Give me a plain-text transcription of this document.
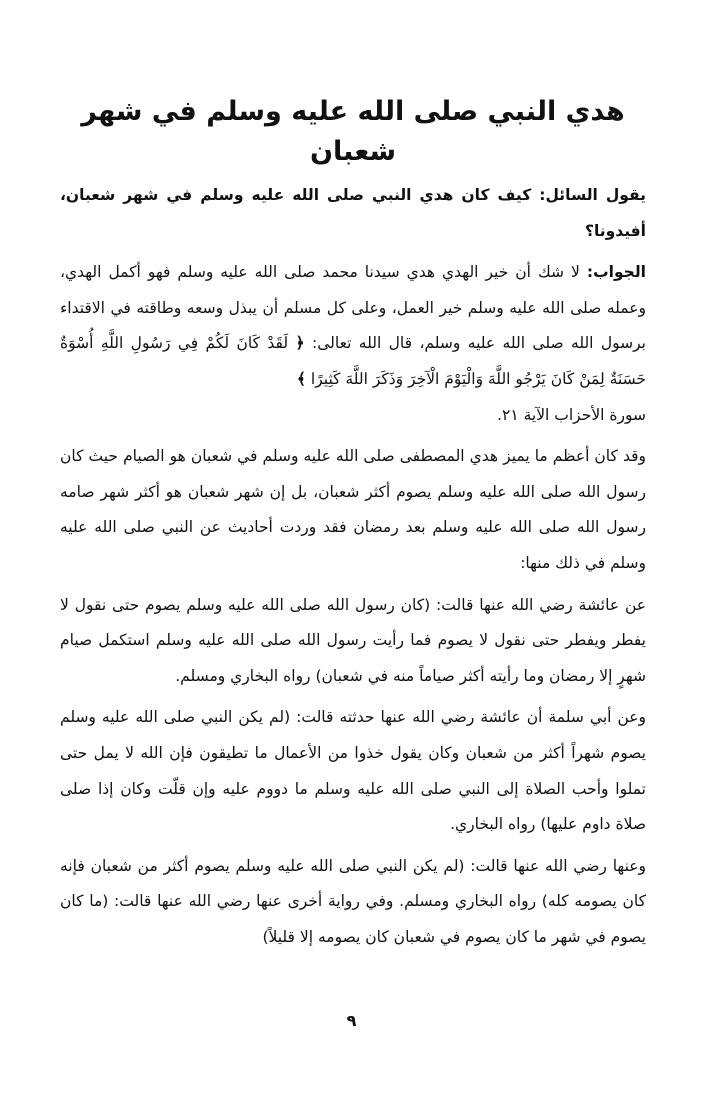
هدي النبي صلى الله عليه وسلم في شهر شعبان

يقول السائل: كيف كان هدي النبي صلى الله عليه وسلم في شهر شعبان، أفيدونا؟

الجواب: لا شك أن خير الهدي هدي سيدنا محمد صلى الله عليه وسلم فهو أكمل الهدي، وعمله صلى الله عليه وسلم خير العمل، وعلى كل مسلم أن يبذل وسعه وطاقته في الاقتداء برسول الله صلى الله عليه وسلم، قال الله تعالى: ﴿ لَقَدْ كَانَ لَكُمْ فِي رَسُولِ اللَّهِ أُسْوَةٌ حَسَنَةٌ لِمَنْ كَانَ يَرْجُو اللَّهَ وَالْيَوْمَ الْآخِرَ وَذَكَرَ اللَّهَ كَثِيرًا ﴾
سورة الأحزاب الآية ٢١.

وقد كان أعظم ما يميز هدي المصطفى صلى الله عليه وسلم في شعبان هو الصيام حيث كان رسول الله صلى الله عليه وسلم يصوم أكثر شعبان، بل إن شهر شعبان هو أكثر شهر صامه رسول الله صلى الله عليه وسلم بعد رمضان فقد وردت أحاديث عن النبي صلى الله عليه وسلم في ذلك منها:

عن عائشة رضي الله عنها قالت: (كان رسول الله صلى الله عليه وسلم يصوم حتى نقول لا يفطر ويفطر حتى نقول لا يصوم فما رأيت رسول الله صلى الله عليه وسلم استكمل صيام شهرٍ إلا رمضان وما رأيته أكثر صياماً منه في شعبان) رواه البخاري ومسلم.

وعن أبي سلمة أن عائشة رضي الله عنها حدثته قالت: (لم يكن النبي صلى الله عليه وسلم يصوم شهراً أكثر من شعبان وكان يقول خذوا من الأعمال ما تطيقون فإن الله لا يمل حتى تملوا وأحب الصلاة إلى النبي صلى الله عليه وسلم ما دووم عليه وإن قلّت وكان إذا صلى صلاة داوم عليها) رواه البخاري.

وعنها رضي الله عنها قالت: (لم يكن النبي صلى الله عليه وسلم يصوم أكثر من شعبان فإنه كان يصومه كله) رواه البخاري ومسلم. وفي رواية أخرى عنها رضي الله عنها قالت: (ما كان يصوم في شهر ما كان يصوم في شعبان كان يصومه إلا قليلاً)

٩
